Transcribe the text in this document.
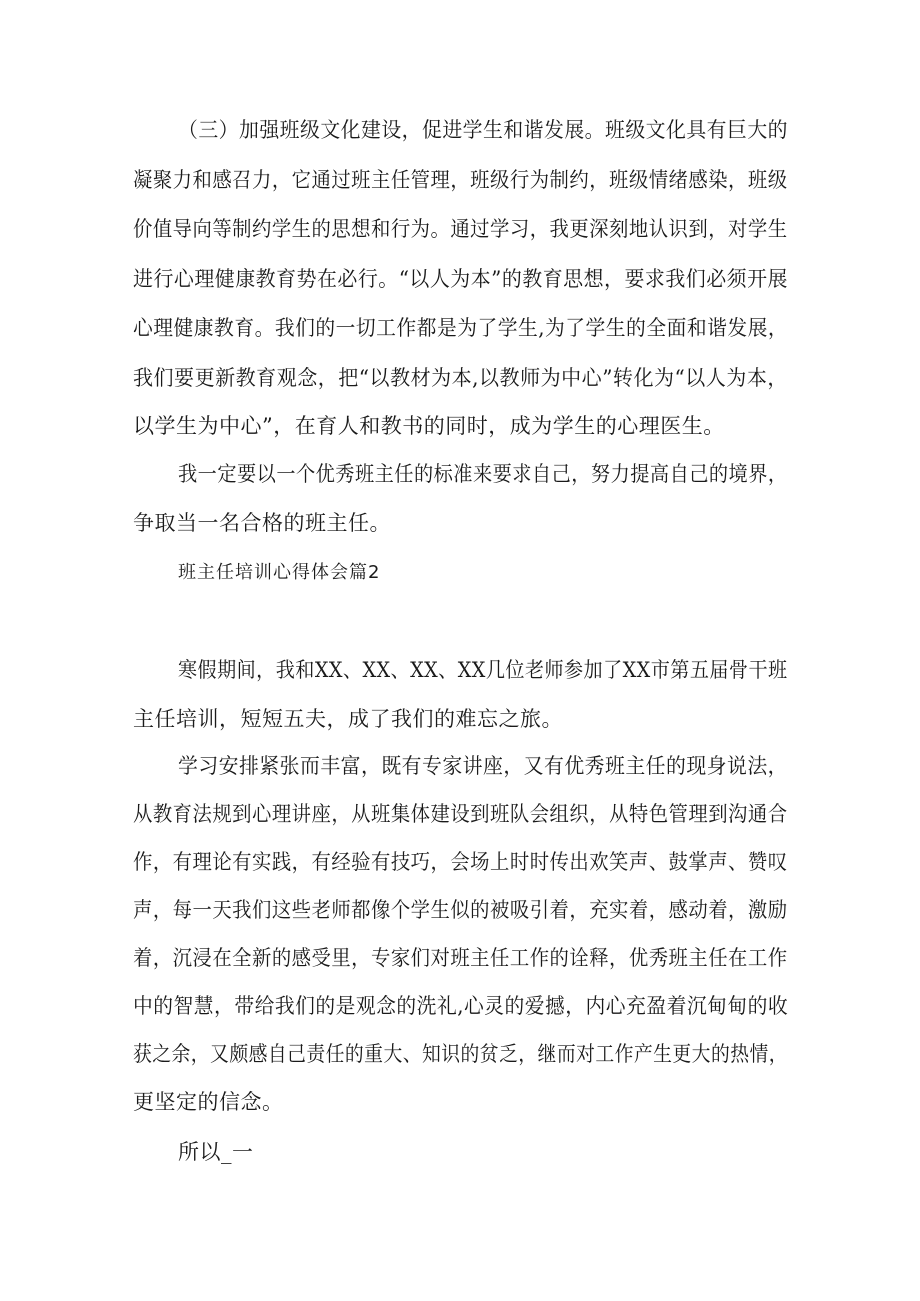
（三）加强班级文化建设，促进学生和谐发展。班级文化具有巨大的
凝聚力和感召力，它通过班主任管理，班级行为制约，班级情绪感染，班级
价值导向等制约学生的思想和行为。通过学习，我更深刻地认识到，对学生
进行心理健康教育势在必行。“以人为本”的教育思想，要求我们必须开展
心理健康教育。我们的一切工作都是为了学生,为了学生的全面和谐发展，
我们要更新教育观念，把“以教材为本,以教师为中心”转化为“以人为本，
以学生为中心”，在育人和教书的同时，成为学生的心理医生。
我一定要以一个优秀班主任的标准来要求自己，努力提高自己的境界，
争取当一名合格的班主任。
班主任培训心得体会篇2
寒假期间，我和XX、XX、XX、XX几位老师参加了XX市第五届骨干班
主任培训，短短五夫，成了我们的难忘之旅。
学习安排紧张而丰富，既有专家讲座，又有优秀班主任的现身说法，
从教育法规到心理讲座，从班集体建设到班队会组织，从特色管理到沟通合
作，有理论有实践，有经验有技巧，会场上时时传出欢笑声、鼓掌声、赞叹
声，每一天我们这些老师都像个学生似的被吸引着，充实着，感动着，激励
着，沉浸在全新的感受里，专家们对班主任工作的诠释，优秀班主任在工作
中的智慧，带给我们的是观念的洗礼,心灵的爱撼，内心充盈着沉甸甸的收
获之余，又颇感自己责任的重大、知识的贫乏，继而对工作产生更大的热情，
更坚定的信念。
所以_一
